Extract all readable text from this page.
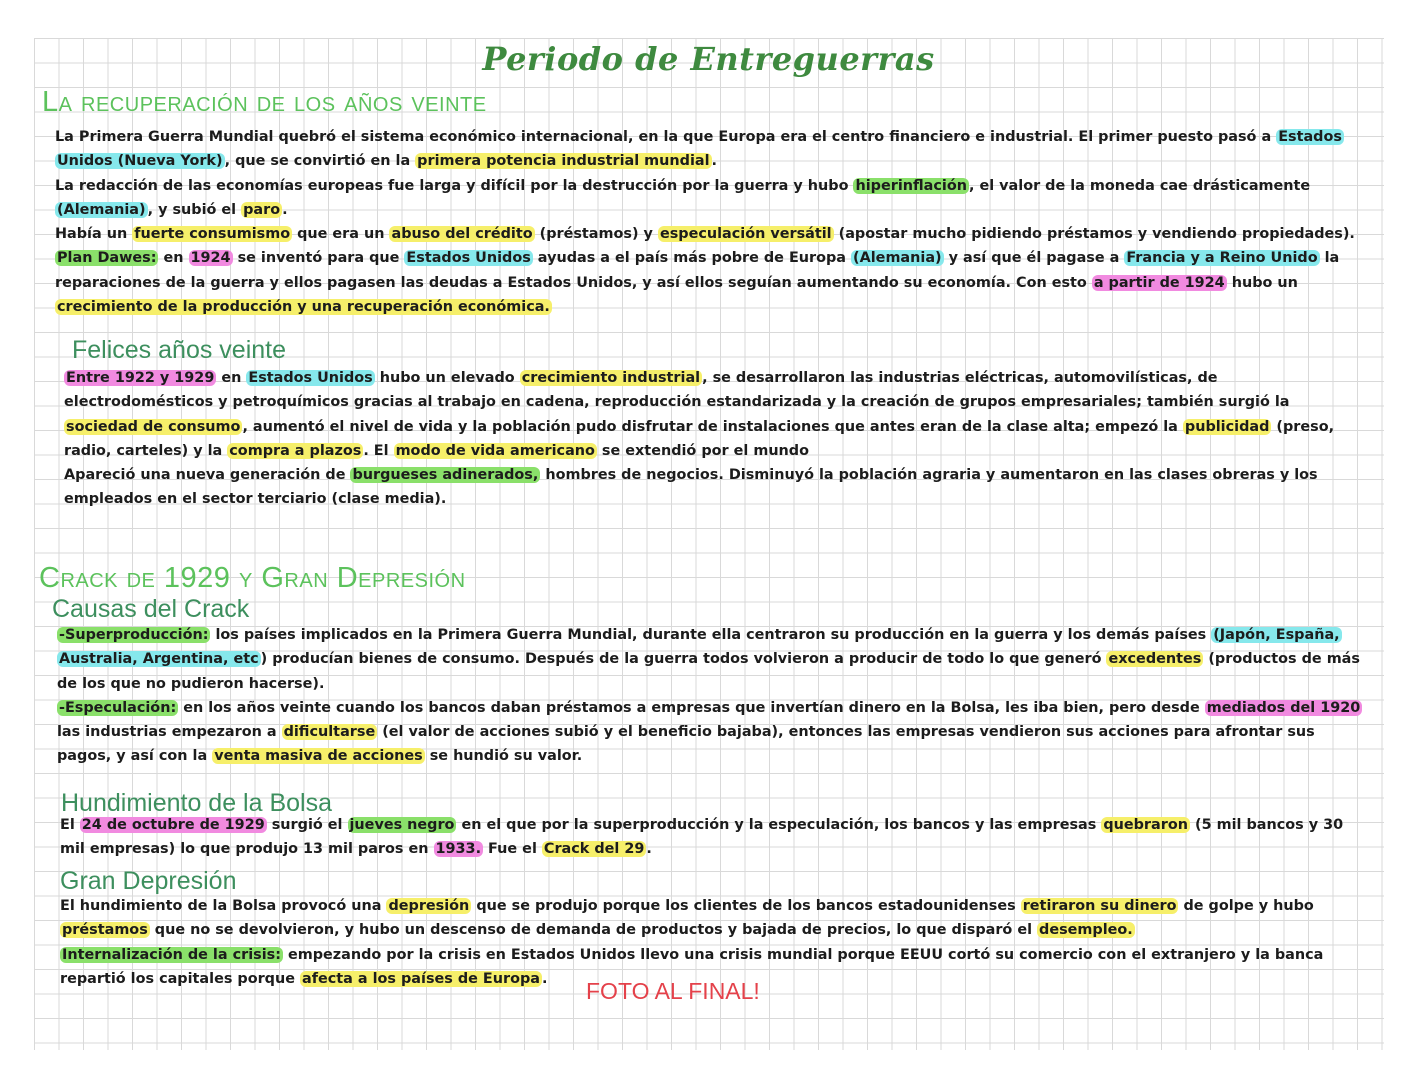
Periodo de Entreguerras
La recuperación de los años veinte
La Primera Guerra Mundial quebró el sistema económico internacional, en la que Europa era el centro financiero e industrial. El primer puesto pasó a Estados
Unidos (Nueva York) , que se convirtió en la primera potencia industrial mundial .
La redacción de las economías europeas fue larga y difícil por la destrucción por la guerra y hubo hiperinflación , el valor de la moneda cae drásticamente
(Alemania) , y subió el paro .
Había un fuerte consumismo que era un abuso del crédito (préstamos) y especulación versátil (apostar mucho pidiendo préstamos y vendiendo propiedades).
Plan Dawes: en 1924 se inventó para que Estados Unidos ayudas a el país más pobre de Europa (Alemania) y así que él pagase a Francia y a Reino Unido la
reparaciones de la guerra y ellos pagasen las deudas a Estados Unidos, y así ellos seguían aumentando su economía. Con esto a partir de 1924 hubo un
crecimiento de la producción y una recuperación económica.
Felices años veinte
Entre 1922 y 1929 en Estados Unidos hubo un elevado crecimiento industrial , se desarrollaron las industrias eléctricas, automovilísticas, de
electrodomésticos y petroquímicos gracias al trabajo en cadena, reproducción estandarizada y la creación de grupos empresariales; también surgió la
sociedad de consumo , aumentó el nivel de vida y la población pudo disfrutar de instalaciones que antes eran de la clase alta; empezó la publicidad (preso,
radio, carteles) y la compra a plazos . El modo de vida americano se extendió por el mundo
Apareció una nueva generación de burgueses adinerados, hombres de negocios. Disminuyó la población agraria y aumentaron en las clases obreras y los
empleados en el sector terciario (clase media).
Crack de 1929 y Gran Depresión
Causas del Crack
-Superproducción: los países implicados en la Primera Guerra Mundial, durante ella centraron su producción en la guerra y los demás países (Japón, España,
Australia, Argentina, etc ) producían bienes de consumo. Después de la guerra todos volvieron a producir de todo lo que generó excedentes (productos de más
de los que no pudieron hacerse).
-Especulación: en los años veinte cuando los bancos daban préstamos a empresas que invertían dinero en la Bolsa, les iba bien, pero desde mediados del 1920
las industrias empezaron a dificultarse (el valor de acciones subió y el beneficio bajaba), entonces las empresas vendieron sus acciones para afrontar sus
pagos, y así con la venta masiva de acciones se hundió su valor.
Hundimiento de la Bolsa
El 24 de octubre de 1929 surgió el jueves negro en el que por la superproducción y la especulación, los bancos y las empresas quebraron (5 mil bancos y 30
mil empresas) lo que produjo 13 mil paros en 1933. Fue el Crack del 29 .
Gran Depresión
El hundimiento de la Bolsa provocó una depresión que se produjo porque los clientes de los bancos estadounidenses retiraron su dinero de golpe y hubo
préstamos que no se devolvieron, y hubo un descenso de demanda de productos y bajada de precios, lo que disparó el desempleo.
Internalización de la crisis: empezando por la crisis en Estados Unidos llevo una crisis mundial porque EEUU cortó su comercio con el extranjero y la banca
repartió los capitales porque afecta a los países de Europa .	FOTO AL FINAL!
